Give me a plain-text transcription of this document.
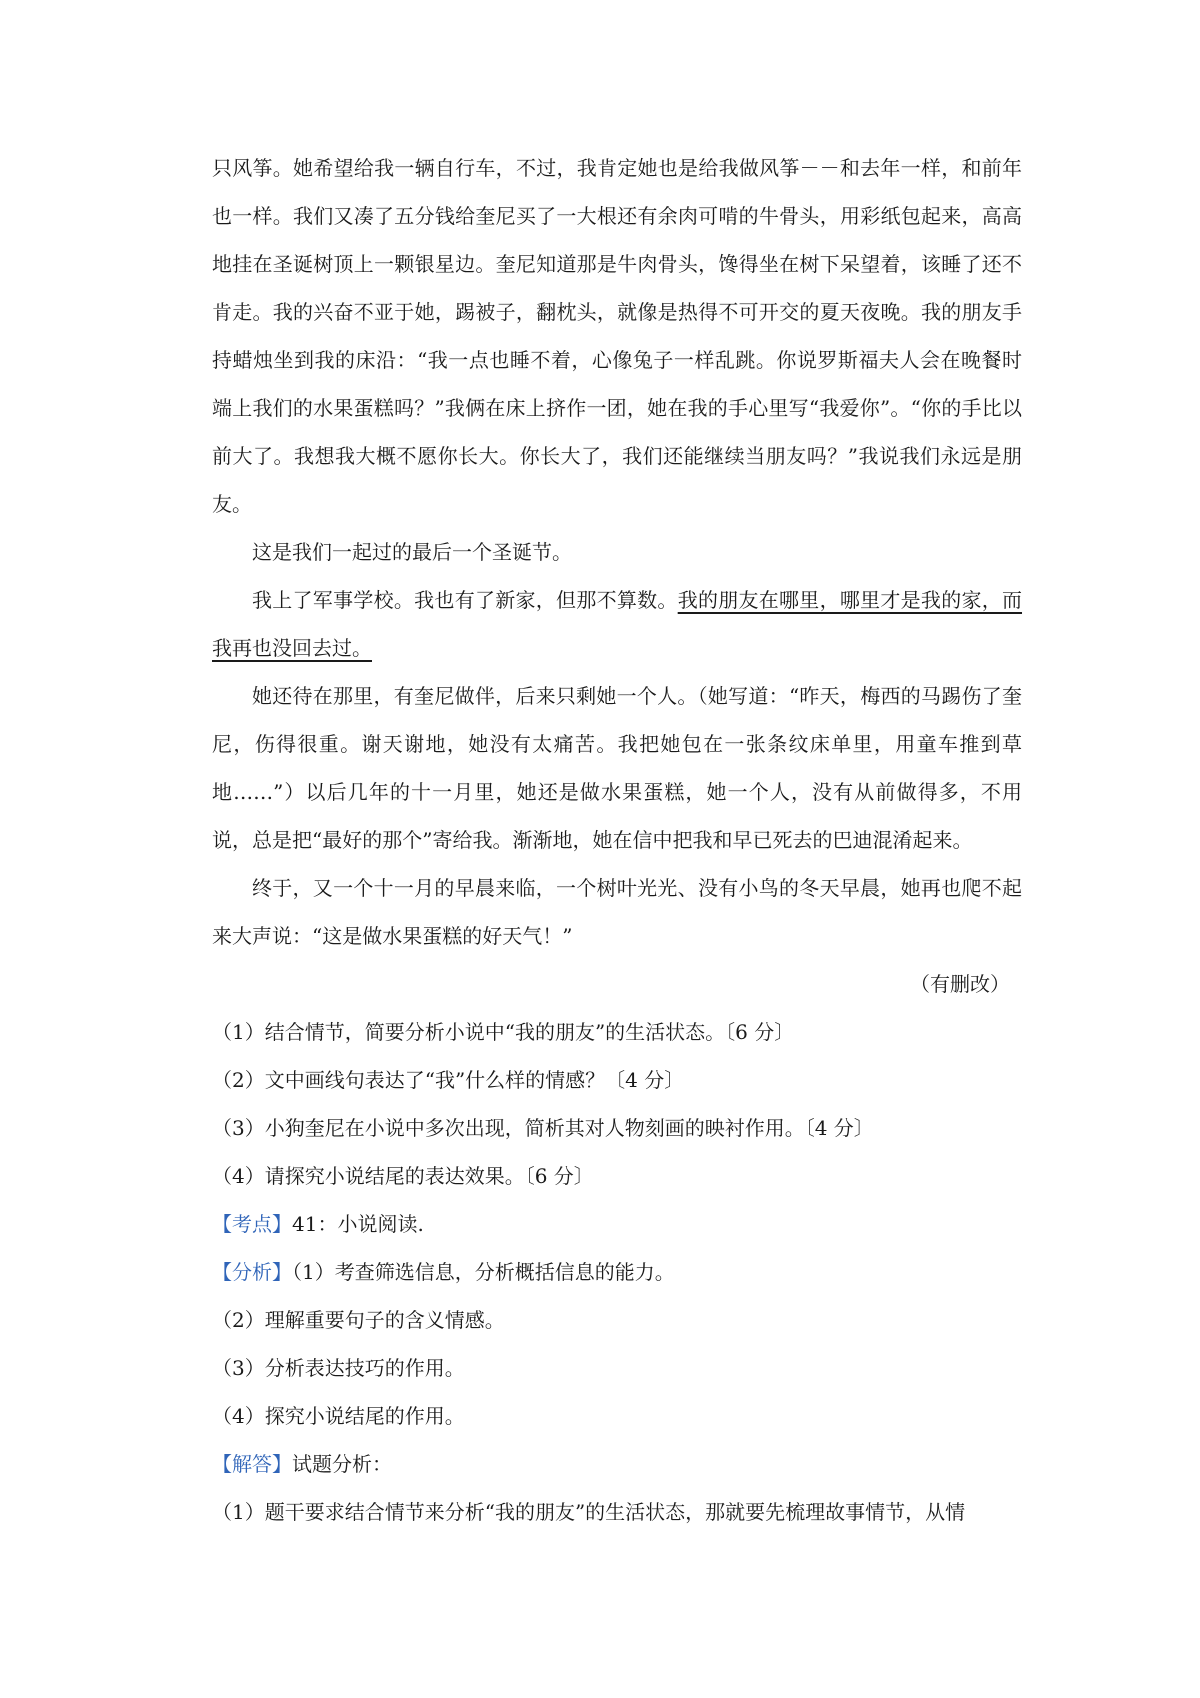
只风筝。她希望给我一辆自行车，不过，我肯定她也是给我做风筝－－和去年一样，和前年也一样。我们又凑了五分钱给奎尼买了一大根还有余肉可啃的牛骨头，用彩纸包起来，高高地挂在圣诞树顶上一颗银星边。奎尼知道那是牛肉骨头，馋得坐在树下呆望着，该睡了还不肯走。我的兴奋不亚于她，踢被子，翻枕头，就像是热得不可开交的夏天夜晚。我的朋友手持蜡烛坐到我的床沿：“我一点也睡不着，心像兔子一样乱跳。你说罗斯福夫人会在晚餐时端上我们的水果蛋糕吗？”我俩在床上挤作一团，她在我的手心里写“我爱你”。“你的手比以前大了。我想我大概不愿你长大。你长大了，我们还能继续当朋友吗？”我说我们永远是朋友。

这是我们一起过的最后一个圣诞节。

我上了军事学校。我也有了新家，但那不算数。我的朋友在哪里，哪里才是我的家，而我再也没回去过。

她还待在那里，有奎尼做伴，后来只剩她一个人。（她写道：“昨天，梅西的马踢伤了奎尼，伤得很重。谢天谢地，她没有太痛苦。我把她包在一张条纹床单里，用童车推到草地……”）以后几年的十一月里，她还是做水果蛋糕，她一个人，没有从前做得多，不用说，总是把“最好的那个”寄给我。渐渐地，她在信中把我和早已死去的巴迪混淆起来。

终于，又一个十一月的早晨来临，一个树叶光光、没有小鸟的冬天早晨，她再也爬不起来大声说：“这是做水果蛋糕的好天气！”

（有删改）

（1）结合情节，简要分析小说中“我的朋友”的生活状态。〔6 分〕

（2）文中画线句表达了“我”什么样的情感？〔4 分〕

（3）小狗奎尼在小说中多次出现，简析其对人物刻画的映衬作用。〔4 分〕

（4）请探究小说结尾的表达效果。〔6 分〕

【考点】41：小说阅读.

【分析】（1）考查筛选信息，分析概括信息的能力。

（2）理解重要句子的含义情感。

（3）分析表达技巧的作用。

（4）探究小说结尾的作用。

【解答】试题分析：

（1）题干要求结合情节来分析“我的朋友”的生活状态，那就要先梳理故事情节，从情
